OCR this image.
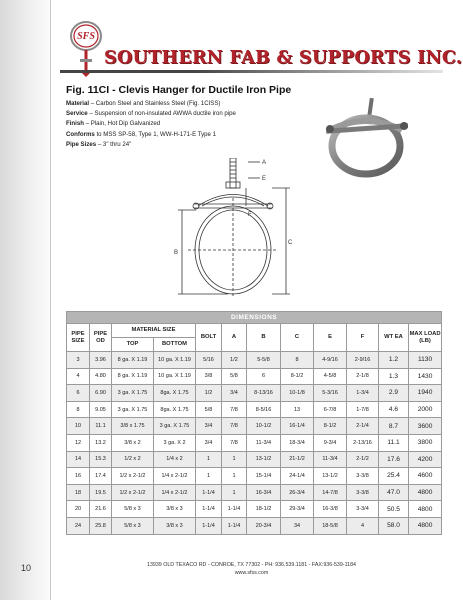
SFS
SOUTHERN FAB & SUPPORTS INC.
Fig. 11CI - Clevis Hanger for Ductile Iron Pipe
Material – Carbon Steel and Stainless Steel (Fig. 1CISS)
Service – Suspension of non-insulated AWWA ductile iron pipe
Finish – Plain, Hot Dip Galvanized
Conforms to MSS SP-58, Type 1, WW-H-171-E Type 1
Pipe Sizes – 3" thru 24"
A
E
F
C
B
DIMENSIONS											
PIPE SIZE	PIPE OD	MATERIAL SIZE		BOLT	A	B	C	E	F	WT EA	MAX LOAD (LB)
		TOP	BOTTOM								
3	3.96	8 ga. X 1.19	10 ga. X 1.19	5/16	1/2	5-5/8	8	4-9/16	2-9/16	1.2	1130
4	4.80	8 ga. X 1.19	10 ga. X 1.19	3/8	5/8	6	8-1/2	4-5/8	2-1/8	1.3	1430
6	6.90	3 ga. X 1.75	8ga. X 1.75	1/2	3/4	8-13/16	10-1/8	5-3/16	1-3/4	2.9	1940
8	9.05	3 ga. X 1.75	8ga. X 1.75	5/8	7/8	8-5/16	13	6-7/8	1-7/8	4.6	2000
10	11.1	3/8 x 1.75	3 ga. X 1.75	3/4	7/8	10-1/2	16-1/4	8-1/2	2-1/4	8.7	3600
12	13.2	3/8 x 2	3 ga. X 2	3/4	7/8	11-3/4	18-3/4	9-3/4	2-13/16	11.1	3800
14	15.3	1/2 x 2	1/4 x 2	1	1	13-1/2	21-1/2	11-3/4	2-1/2	17.6	4200
16	17.4	1/2 x 2-1/2	1/4 x 2-1/2	1	1	15-1/4	24-1/4	13-1/2	3-3/8	25.4	4600
18	19.5	1/2 x 2-1/2	1/4 x 2-1/2	1-1/4	1	16-3/4	26-3/4	14-7/8	3-3/8	47.0	4800
20	21.6	5/8 x 3	3/8 x 3	1-1/4	1-1/4	18-1/2	29-3/4	16-3/8	3-3/4	50.5	4800
24	25.8	5/8 x 3	3/8 x 3	1-1/4	1-1/4	20-3/4	34	18-5/8	4	58.0	4800
10	13939 OLD TEXACO RD - CONROE, TX 77302 - PH: 936.539.1181 - FAX:936-539-1184
www.sfss.com
